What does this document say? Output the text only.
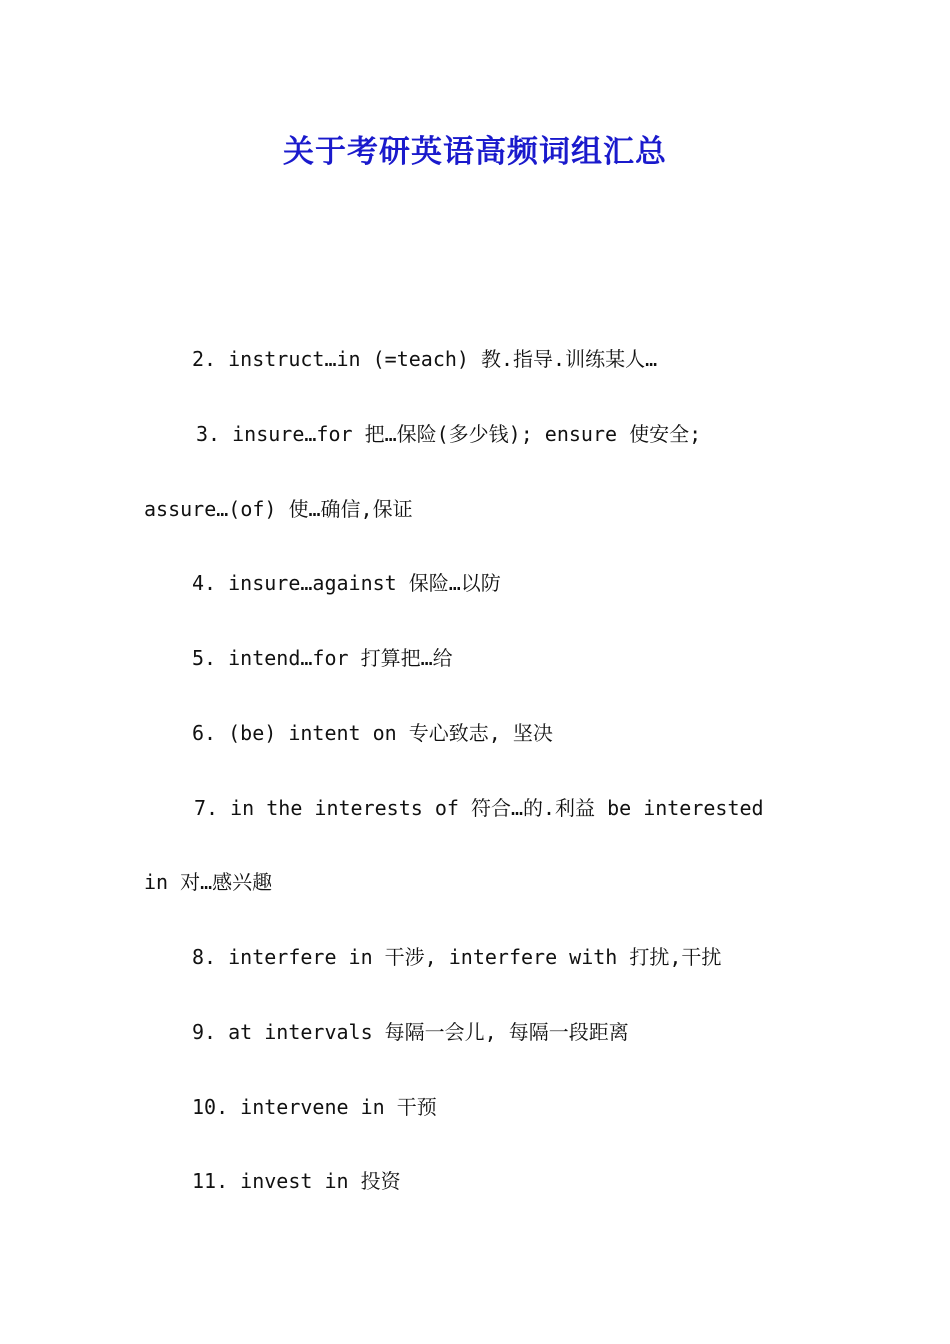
关于考研英语高频词组汇总
2. instruct…in (=teach) 教.指导.训练某人…
3. insure…for 把…保险(多少钱); ensure 使安全;
assure…(of) 使…确信,保证
4. insure…against 保险…以防
5. intend…for 打算把…给
6. (be) intent on 专心致志, 坚决
7. in the interests of 符合…的.利益 be interested
in 对…感兴趣
8. interfere in 干涉, interfere with 打扰,干扰
9. at intervals 每隔一会儿, 每隔一段距离
10. intervene in 干预
11. invest in 投资
